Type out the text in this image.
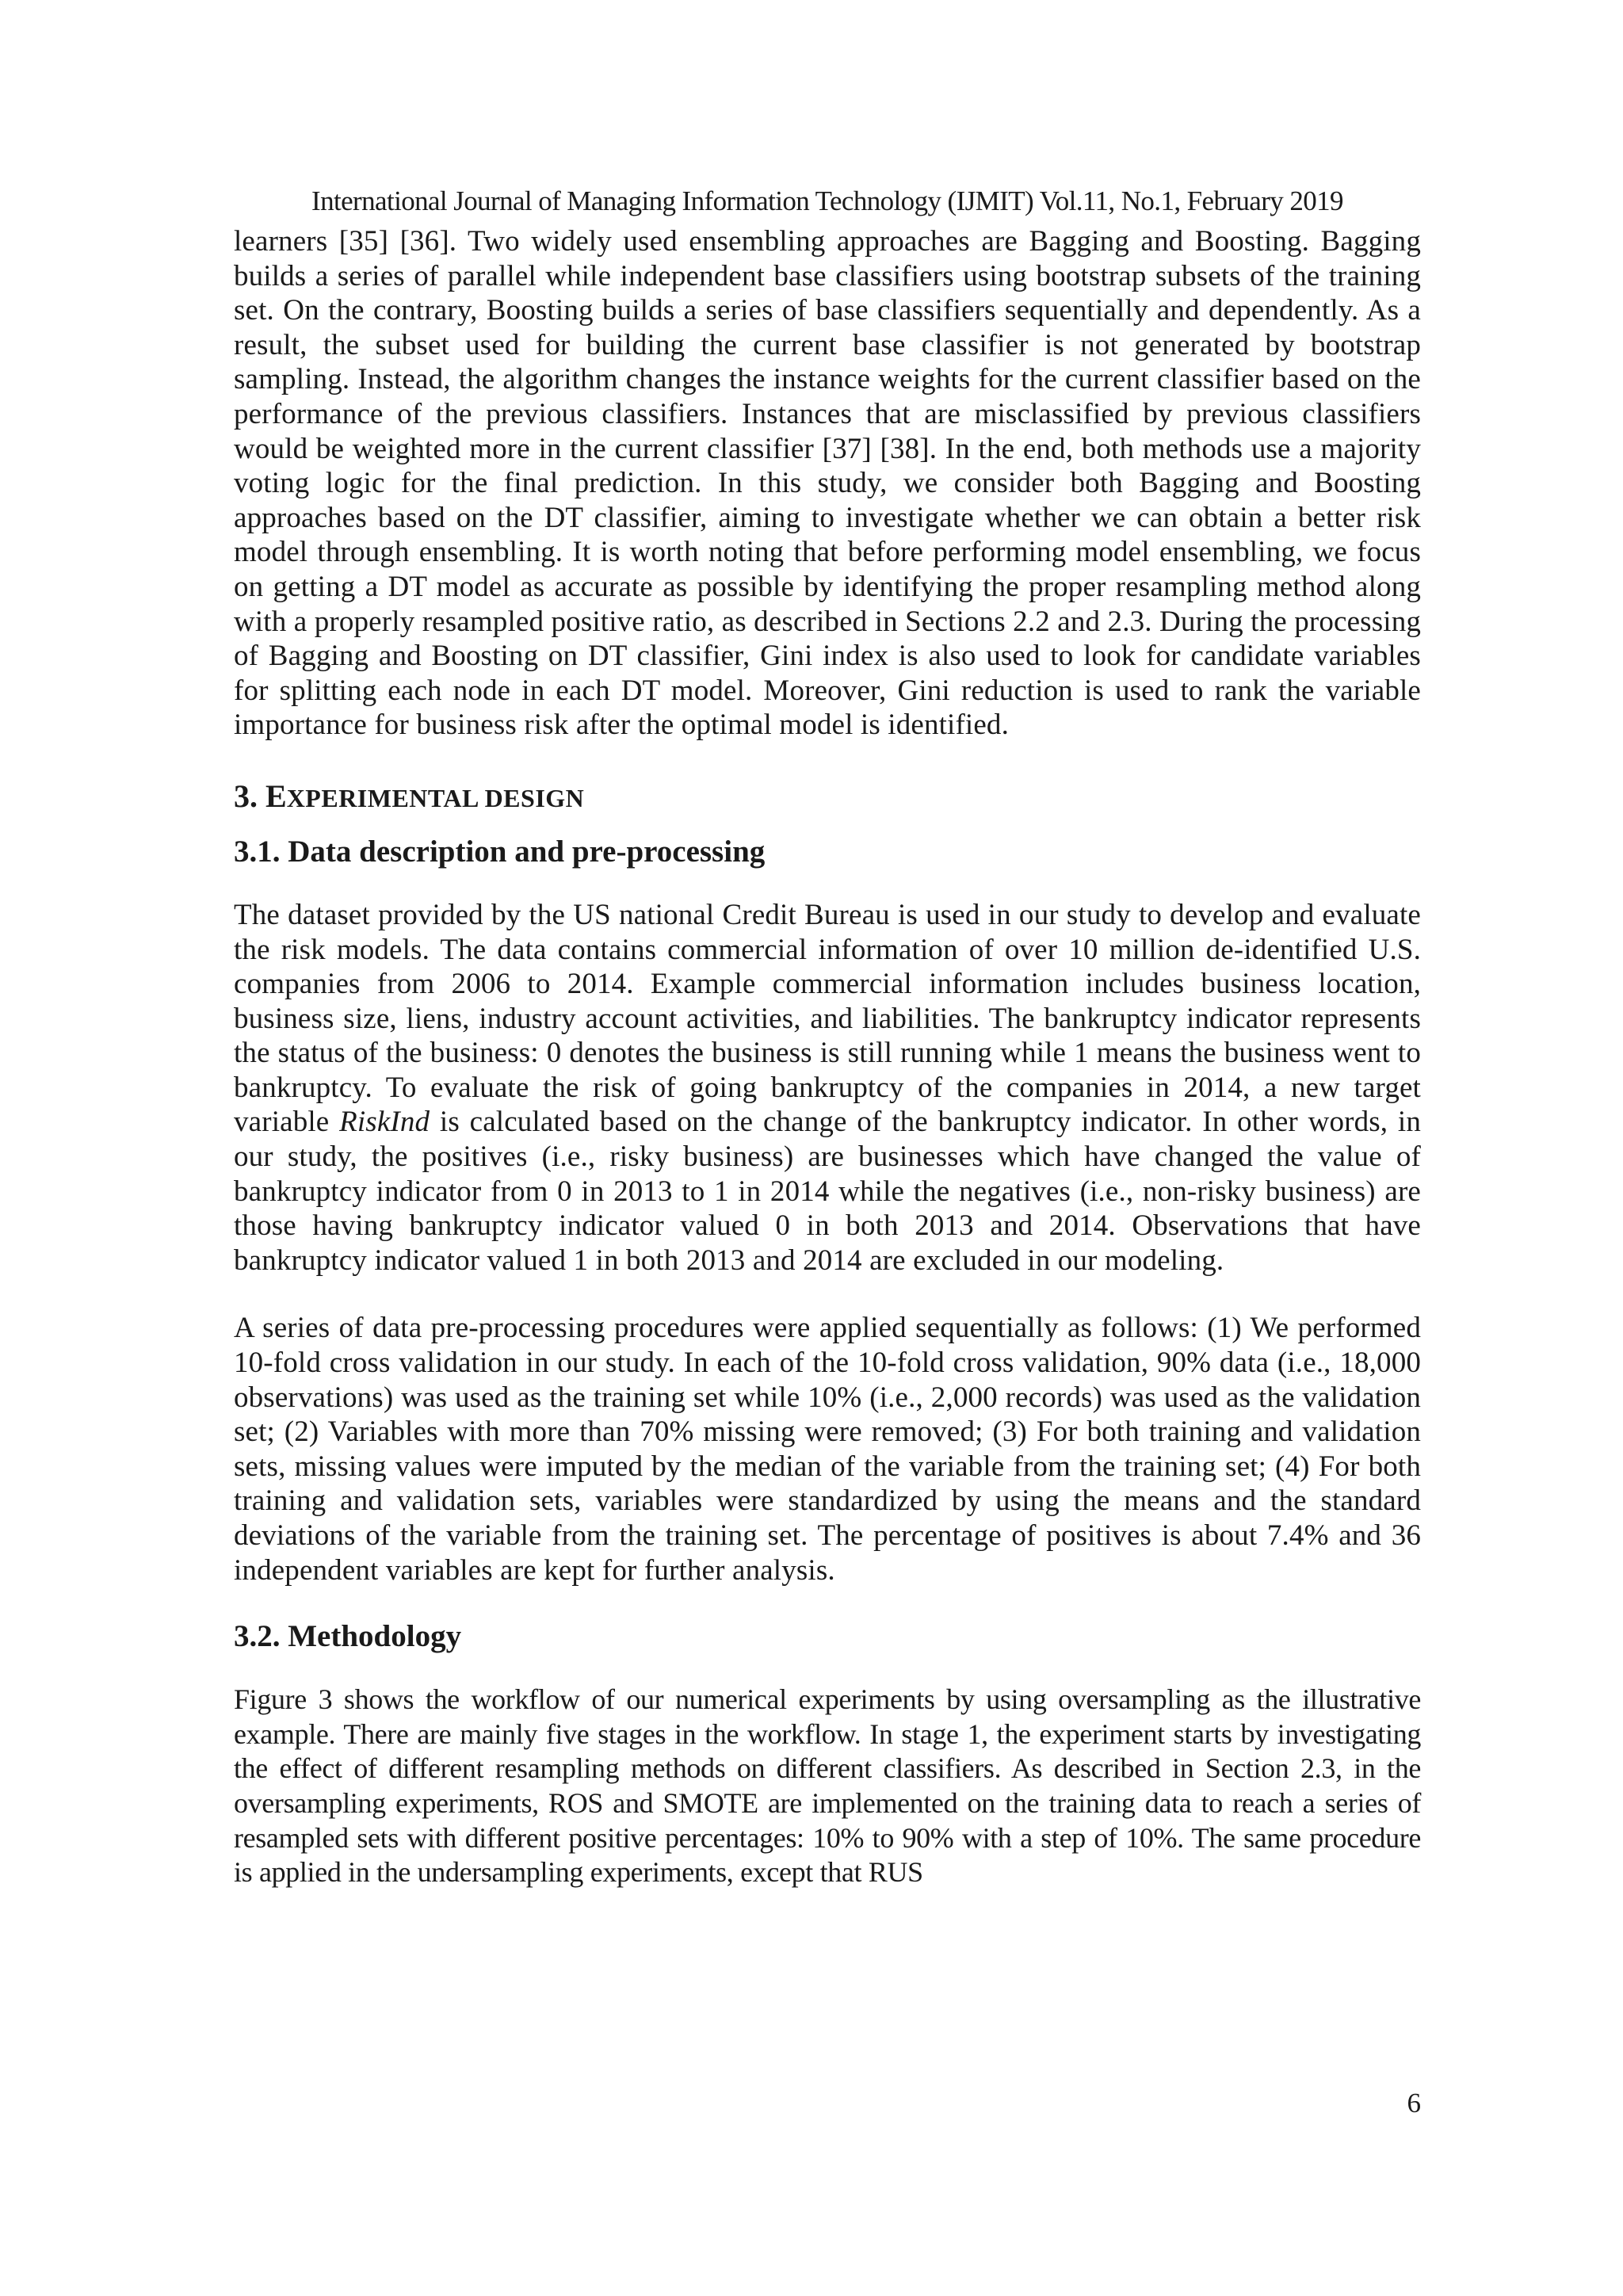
International Journal of Managing Information Technology (IJMIT) Vol.11, No.1, February 2019

learners [35] [36]. Two widely used ensembling approaches are Bagging and Boosting. Bagging builds a series of parallel while independent base classifiers using bootstrap subsets of the training set. On the contrary, Boosting builds a series of base classifiers sequentially and dependently. As a result, the subset used for building the current base classifier is not generated by bootstrap sampling. Instead, the algorithm changes the instance weights for the current classifier based on the performance of the previous classifiers. Instances that are misclassified by previous classifiers would be weighted more in the current classifier [37] [38]. In the end, both methods use a majority voting logic for the final prediction. In this study, we consider both Bagging and Boosting approaches based on the DT classifier, aiming to investigate whether we can obtain a better risk model through ensembling. It is worth noting that before performing model ensembling, we focus on getting a DT model as accurate as possible by identifying the proper resampling method along with a properly resampled positive ratio, as described in Sections 2.2 and 2.3. During the processing of Bagging and Boosting on DT classifier, Gini index is also used to look for candidate variables for splitting each node in each DT model. Moreover, Gini reduction is used to rank the variable importance for business risk after the optimal model is identified.

3. EXPERIMENTAL DESIGN
3.1. Data description and pre-processing

The dataset provided by the US national Credit Bureau is used in our study to develop and evaluate the risk models. The data contains commercial information of over 10 million de-identified U.S. companies from 2006 to 2014. Example commercial information includes business location, business size, liens, industry account activities, and liabilities. The bankruptcy indicator represents the status of the business: 0 denotes the business is still running while 1 means the business went to bankruptcy. To evaluate the risk of going bankruptcy of the companies in 2014, a new target variable RiskInd is calculated based on the change of the bankruptcy indicator. In other words, in our study, the positives (i.e., risky business) are businesses which have changed the value of bankruptcy indicator from 0 in 2013 to 1 in 2014 while the negatives (i.e., non-risky business) are those having bankruptcy indicator valued 0 in both 2013 and 2014. Observations that have bankruptcy indicator valued 1 in both 2013 and 2014 are excluded in our modeling.

A series of data pre-processing procedures were applied sequentially as follows: (1) We performed 10-fold cross validation in our study. In each of the 10-fold cross validation, 90% data (i.e., 18,000 observations) was used as the training set while 10% (i.e., 2,000 records) was used as the validation set; (2) Variables with more than 70% missing were removed; (3) For both training and validation sets, missing values were imputed by the median of the variable from the training set; (4) For both training and validation sets, variables were standardized by using the means and the standard deviations of the variable from the training set. The percentage of positives is about 7.4% and 36 independent variables are kept for further analysis.

3.2. Methodology

Figure 3 shows the workflow of our numerical experiments by using oversampling as the illustrative example. There are mainly five stages in the workflow. In stage 1, the experiment starts by investigating the effect of different resampling methods on different classifiers. As described in Section 2.3, in the oversampling experiments, ROS and SMOTE are implemented on the training data to reach a series of resampled sets with different positive percentages: 10% to 90% with a step of 10%. The same procedure is applied in the undersampling experiments, except that RUS

6
